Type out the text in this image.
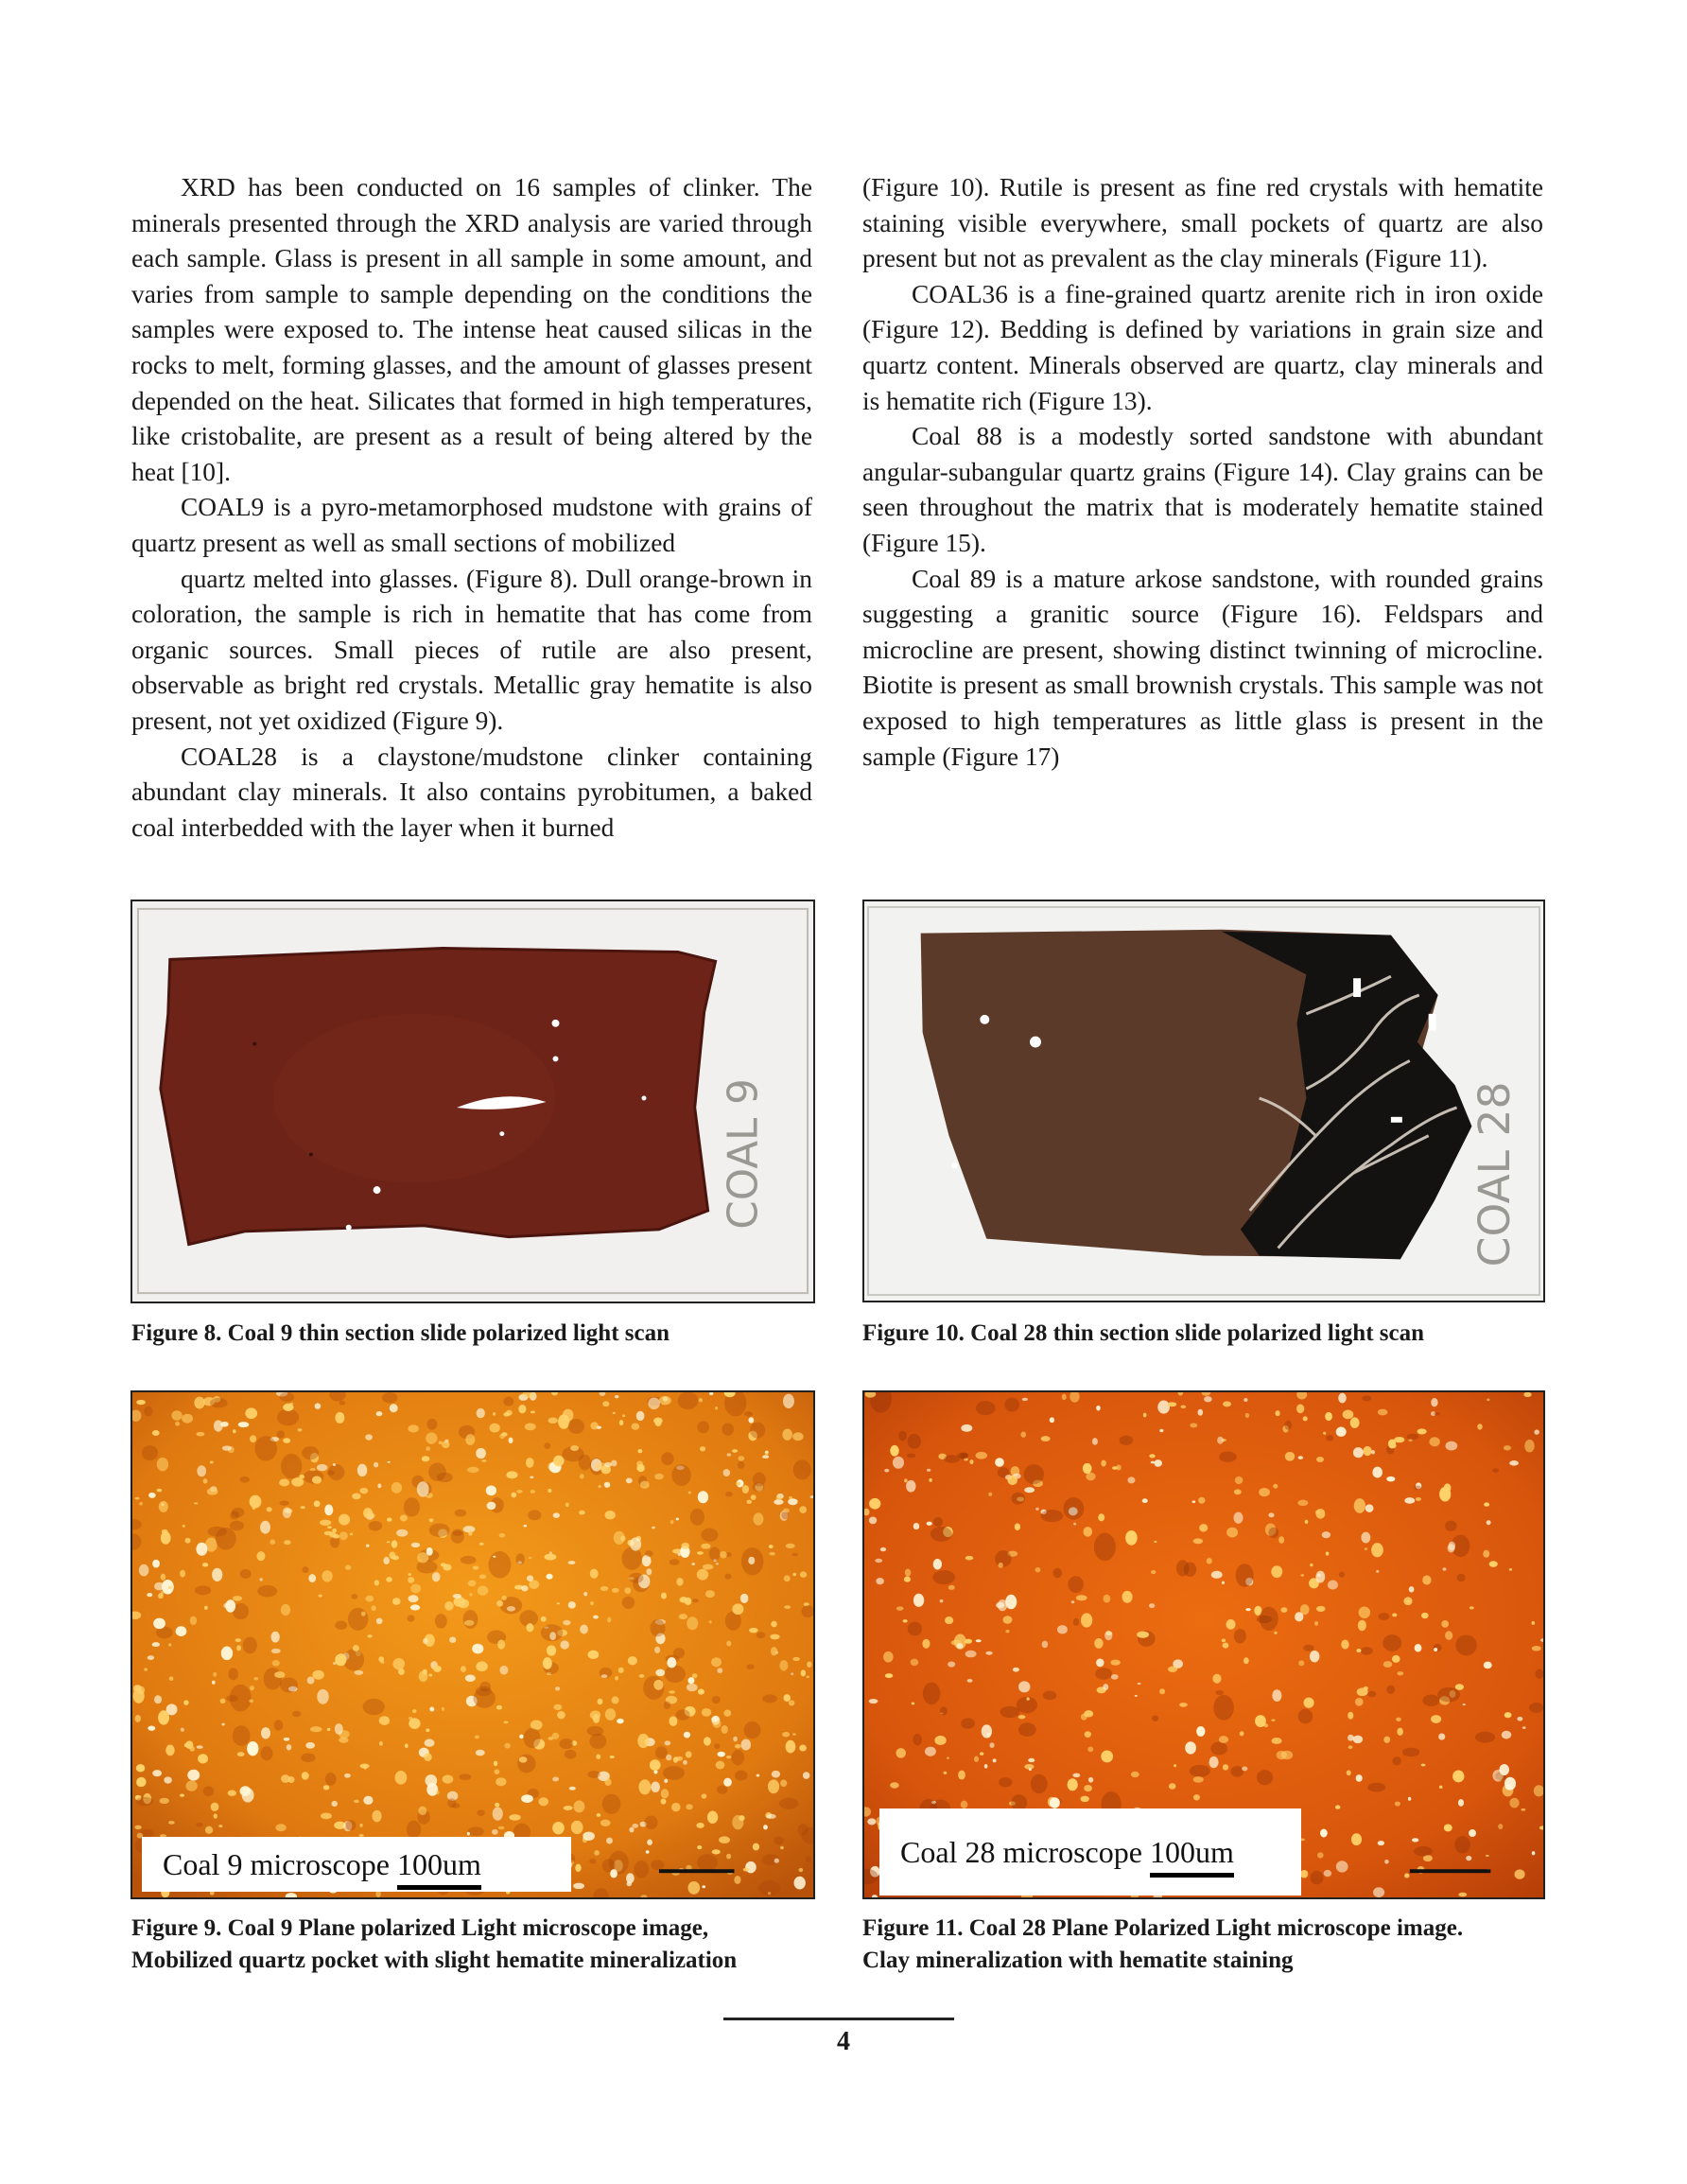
XRD has been conducted on 16 samples of clinker. The minerals presented through the XRD analysis are varied through each sample. Glass is present in all sample in some amount, and varies from sample to sample depending on the conditions the samples were exposed to. The intense heat caused silicas in the rocks to melt, forming glasses, and the amount of glasses present depended on the heat. Silicates that formed in high temperatures, like cristobalite, are present as a result of being altered by the heat [10].

COAL9 is a pyro-metamorphosed mudstone with grains of quartz present as well as small sections of mobilized

quartz melted into glasses. (Figure 8). Dull orange-brown in coloration, the sample is rich in hematite that has come from organic sources. Small pieces of rutile are also present, observable as bright red crystals. Metallic gray hematite is also present, not yet oxidized (Figure 9).

COAL28 is a claystone/mudstone clinker containing abundant clay minerals. It also contains pyrobitumen, a baked coal interbedded with the layer when it burned

(Figure 10). Rutile is present as fine red crystals with hematite staining visible everywhere, small pockets of quartz are also present but not as prevalent as the clay minerals (Figure 11).

COAL36 is a fine-grained quartz arenite rich in iron oxide (Figure 12). Bedding is defined by variations in grain size and quartz content. Minerals observed are quartz, clay minerals and is hematite rich (Figure 13).

Coal 88 is a modestly sorted sandstone with abundant angular-subangular quartz grains (Figure 14). Clay grains can be seen throughout the matrix that is moderately hematite stained (Figure 15).

Coal 89 is a mature arkose sandstone, with rounded grains suggesting a granitic source (Figure 16). Feldspars and microcline are present, showing distinct twinning of microcline. Biotite is present as small brownish crystals. This sample was not exposed to high temperatures as little glass is present in the sample (Figure 17)

COAL 9
Figure 8. Coal 9 thin section slide polarized light scan
COAL 28
Figure 10. Coal 28 thin section slide polarized light scan
Coal 9 microscope 100um
Figure 9. Coal 9 Plane polarized Light microscope image,
Mobilized quartz pocket with slight hematite mineralization
Coal 28 microscope 100um
Figure 11. Coal 28 Plane Polarized Light microscope image.
Clay mineralization with hematite staining
4
